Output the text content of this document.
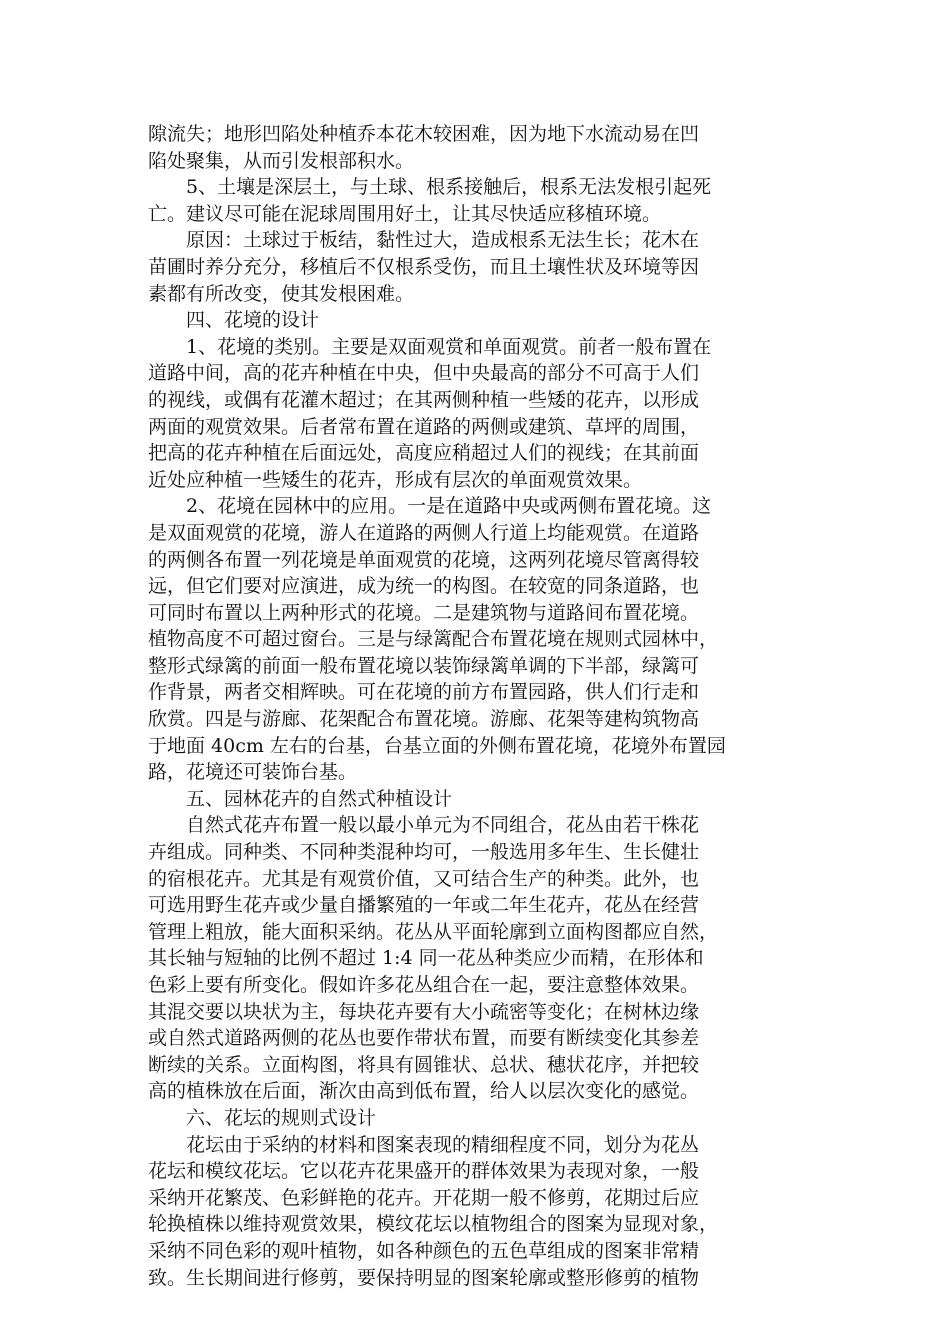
隙流失；地形凹陷处种植乔本花木较困难，因为地下水流动易在凹
陷处聚集，从而引发根部积水。
5、土壤是深层土，与土球、根系接触后，根系无法发根引起死
亡。建议尽可能在泥球周围用好土，让其尽快适应移植环境。
原因：土球过于板结，黏性过大，造成根系无法生长；花木在
苗圃时养分充分，移植后不仅根系受伤，而且土壤性状及环境等因
素都有所改变，使其发根困难。
四、花境的设计
1、花境的类别。主要是双面观赏和单面观赏。前者一般布置在
道路中间，高的花卉种植在中央，但中央最高的部分不可高于人们
的视线，或偶有花灌木超过；在其两侧种植一些矮的花卉，以形成
两面的观赏效果。后者常布置在道路的两侧或建筑、草坪的周围，
把高的花卉种植在后面远处，高度应稍超过人们的视线；在其前面
近处应种植一些矮生的花卉，形成有层次的单面观赏效果。
2、花境在园林中的应用。一是在道路中央或两侧布置花境。这
是双面观赏的花境，游人在道路的两侧人行道上均能观赏。在道路
的两侧各布置一列花境是单面观赏的花境，这两列花境尽管离得较
远，但它们要对应演进，成为统一的构图。在较宽的同条道路，也
可同时布置以上两种形式的花境。二是建筑物与道路间布置花境。
植物高度不可超过窗台。三是与绿篱配合布置花境在规则式园林中，
整形式绿篱的前面一般布置花境以装饰绿篱单调的下半部，绿篱可
作背景，两者交相辉映。可在花境的前方布置园路，供人们行走和
欣赏。四是与游廊、花架配合布置花境。游廊、花架等建构筑物高
于地面 40cm 左右的台基，台基立面的外侧布置花境，花境外布置园
路，花境还可装饰台基。
五、园林花卉的自然式种植设计
自然式花卉布置一般以最小单元为不同组合，花丛由若干株花
卉组成。同种类、不同种类混种均可，一般选用多年生、生长健壮
的宿根花卉。尤其是有观赏价值，又可结合生产的种类。此外，也
可选用野生花卉或少量自播繁殖的一年或二年生花卉，花丛在经营
管理上粗放，能大面积采纳。花丛从平面轮廓到立面构图都应自然，
其长轴与短轴的比例不超过 1:4 同一花丛种类应少而精，在形体和
色彩上要有所变化。假如许多花丛组合在一起，要注意整体效果。
其混交要以块状为主，每块花卉要有大小疏密等变化；在树林边缘
或自然式道路两侧的花丛也要作带状布置，而要有断续变化其参差
断续的关系。立面构图，将具有圆锥状、总状、穗状花序，并把较
高的植株放在后面，渐次由高到低布置，给人以层次变化的感觉。
六、花坛的规则式设计
花坛由于采纳的材料和图案表现的精细程度不同，划分为花丛
花坛和模纹花坛。它以花卉花果盛开的群体效果为表现对象，一般
采纳开花繁茂、色彩鲜艳的花卉。开花期一般不修剪，花期过后应
轮换植株以维持观赏效果，模纹花坛以植物组合的图案为显现对象，
采纳不同色彩的观叶植物，如各种颜色的五色草组成的图案非常精
致。生长期间进行修剪，要保持明显的图案轮廓或整形修剪的植物
